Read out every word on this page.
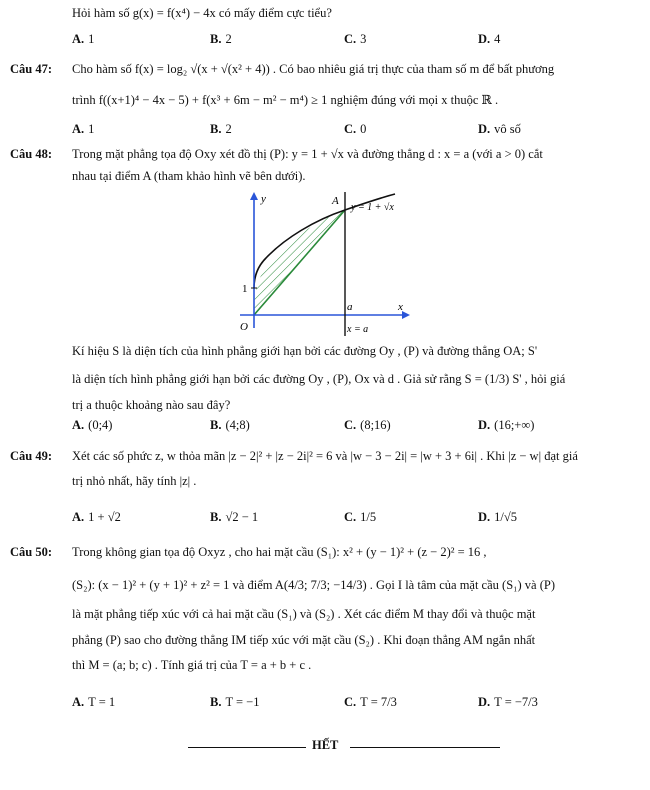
Hỏi hàm số g(x) = f(x⁴) − 4x có mấy điểm cực tiểu?
A. 1	B. 2	C. 3	D. 4
Câu 47: Cho hàm số f(x) = log₂ √(x + √(x² + 4)) . Có bao nhiêu giá trị thực của tham số m để bất phương
trình f((x+1)⁴ − 4x − 5) + f(x³ + 6m − m² − m⁴) ≥ 1 nghiệm đúng với mọi x thuộc ℝ .
A. 1	B. 2	C. 0	D. vô số
Câu 48: Trong mặt phẳng tọa độ Oxy xét đồ thị (P): y = 1 + √x và đường thẳng d : x = a (với a > 0) cắt
nhau tại điểm A (tham khảo hình vẽ bên dưới).
y
x
O
1
a
A
y = 1 + √x
x = a
Kí hiệu S là diện tích của hình phẳng giới hạn bởi các đường Oy , (P) và đường thẳng OA; S'
là diện tích hình phẳng giới hạn bởi các đường Oy , (P), Ox và d . Giả sử rằng S = (1/3) S' , hỏi giá
trị a thuộc khoảng nào sau đây?
A. (0;4)	B. (4;8)	C. (8;16)	D. (16;+∞)
Câu 49: Xét các số phức z, w thỏa mãn |z − 2|² + |z − 2i|² = 6 và |w − 3 − 2i| = |w + 3 + 6i| . Khi |z − w| đạt giá
trị nhỏ nhất, hãy tính |z| .
A. 1 + √2	B. √2 − 1	C. 1/5	D. 1/√5
Câu 50: Trong không gian tọa độ Oxyz , cho hai mặt cầu (S₁): x² + (y − 1)² + (z − 2)² = 16 ,
(S₂): (x − 1)² + (y + 1)² + z² = 1 và điểm A(4/3; 7/3; −14/3) . Gọi I là tâm của mặt cầu (S₁) và (P)
là mặt phẳng tiếp xúc với cả hai mặt cầu (S₁) và (S₂) . Xét các điểm M thay đổi và thuộc mặt
phẳng (P) sao cho đường thẳng IM tiếp xúc với mặt cầu (S₂) . Khi đoạn thẳng AM ngắn nhất
thì M = (a; b; c) . Tính giá trị của T = a + b + c .
A. T = 1	B. T = −1	C. T = 7/3	D. T = −7/3
HẾT
